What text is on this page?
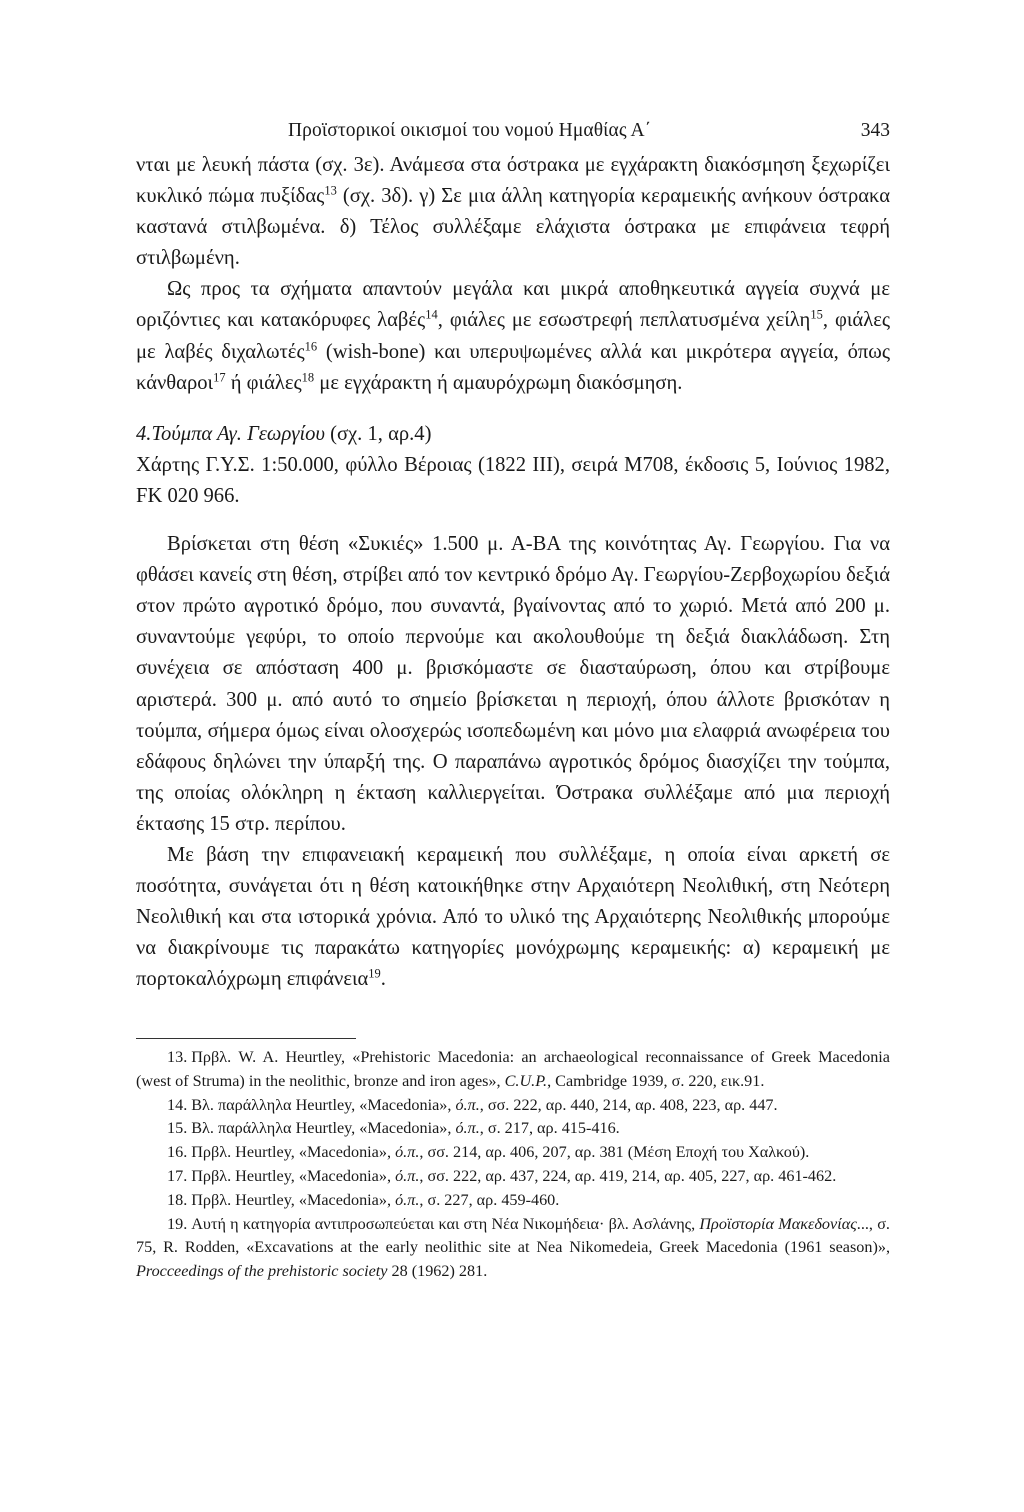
Προϊστορικοί οικισμοί του νομού Ημαθίας Α΄	343

νται με λευκή πάστα (σχ. 3ε). Ανάμεσα στα όστρακα με εγχάρακτη διακόσμηση ξεχωρίζει κυκλικό πώμα πυξίδας$^{13}$ (σχ. 3δ). γ) Σε μια άλλη κατηγορία κεραμεικής ανήκουν όστρακα καστανά στιλβωμένα. δ) Τέλος συλλέξαμε ελάχιστα όστρακα με επιφάνεια τεφρή στιλβωμένη.

Ως προς τα σχήματα απαντούν μεγάλα και μικρά αποθηκευτικά αγγεία συχνά με οριζόντιες και κατακόρυφες λαβές$^{14}$, φιάλες με εσωστρεφή πεπλατυσμένα χείλη$^{15}$, φιάλες με λαβές διχαλωτές$^{16}$ (wish-bone) και υπερυψωμένες αλλά και μικρότερα αγγεία, όπως κάνθαροι$^{17}$ ή φιάλες$^{18}$ με εγχάρακτη ή αμαυρόχρωμη διακόσμηση.

4.Τούμπα Αγ. Γεωργίου (σχ. 1, αρ.4)

Χάρτης Γ.Υ.Σ. 1:50.000, φύλλο Βέροιας (1822 III), σειρά Μ708, έκδοσις 5, Ιούνιος 1982, FK 020 966.

Βρίσκεται στη θέση «Συκιές» 1.500 μ. Α-ΒΑ της κοινότητας Αγ. Γεωργίου. Για να φθάσει κανείς στη θέση, στρίβει από τον κεντρικό δρόμο Αγ. Γεωργίου-Ζερβοχωρίου δεξιά στον πρώτο αγροτικό δρόμο, που συναντά, βγαίνοντας από το χωριό. Μετά από 200 μ. συναντούμε γεφύρι, το οποίο περνούμε και ακολουθούμε τη δεξιά διακλάδωση. Στη συνέχεια σε απόσταση 400 μ. βρισκόμαστε σε διασταύρωση, όπου και στρίβουμε αριστερά. 300 μ. από αυτό το σημείο βρίσκεται η περιοχή, όπου άλλοτε βρισκόταν η τούμπα, σήμερα όμως είναι ολοσχερώς ισοπεδωμένη και μόνο μια ελαφριά ανωφέρεια του εδάφους δηλώνει την ύπαρξή της. Ο παραπάνω αγροτικός δρόμος διασχίζει την τούμπα, της οποίας ολόκληρη η έκταση καλλιεργείται. Όστρακα συλλέξαμε από μια περιοχή έκτασης 15 στρ. περίπου.

Με βάση την επιφανειακή κεραμεική που συλλέξαμε, η οποία είναι αρκετή σε ποσότητα, συνάγεται ότι η θέση κατοικήθηκε στην Αρχαιότερη Νεολιθική, στη Νεότερη Νεολιθική και στα ιστορικά χρόνια. Από το υλικό της Αρχαιότερης Νεολιθικής μπορούμε να διακρίνουμε τις παρακάτω κατηγορίες μονόχρωμης κεραμεικής: α) κεραμεική με πορτοκαλόχρωμη επιφάνεια$^{19}$.

13. Πρβλ. W. A. Heurtley, «Prehistoric Macedonia: an archaeological reconnaissance of Greek Macedonia (west of Struma) in the neolithic, bronze and iron ages», C.U.P., Cambridge 1939, σ. 220, εικ.91.

14. Βλ. παράλληλα Heurtley, «Macedonia», ό.π., σσ. 222, αρ. 440, 214, αρ. 408, 223, αρ. 447.

15. Βλ. παράλληλα Heurtley, «Macedonia», ό.π., σ. 217, αρ. 415-416.

16. Πρβλ. Heurtley, «Macedonia», ό.π., σσ. 214, αρ. 406, 207, αρ. 381 (Μέση Εποχή του Χαλκού).

17. Πρβλ. Heurtley, «Macedonia», ό.π., σσ. 222, αρ. 437, 224, αρ. 419, 214, αρ. 405, 227, αρ. 461-462.

18. Πρβλ. Heurtley, «Macedonia», ό.π., σ. 227, αρ. 459-460.

19. Αυτή η κατηγορία αντιπροσωπεύεται και στη Νέα Νικομήδεια· βλ. Ασλάνης, Προϊστορία Μακεδονίας..., σ. 75, R. Rodden, «Excavations at the early neolithic site at Nea Nikomedeia, Greek Macedonia (1961 season)», Procceedings of the prehistoric society 28 (1962) 281.
